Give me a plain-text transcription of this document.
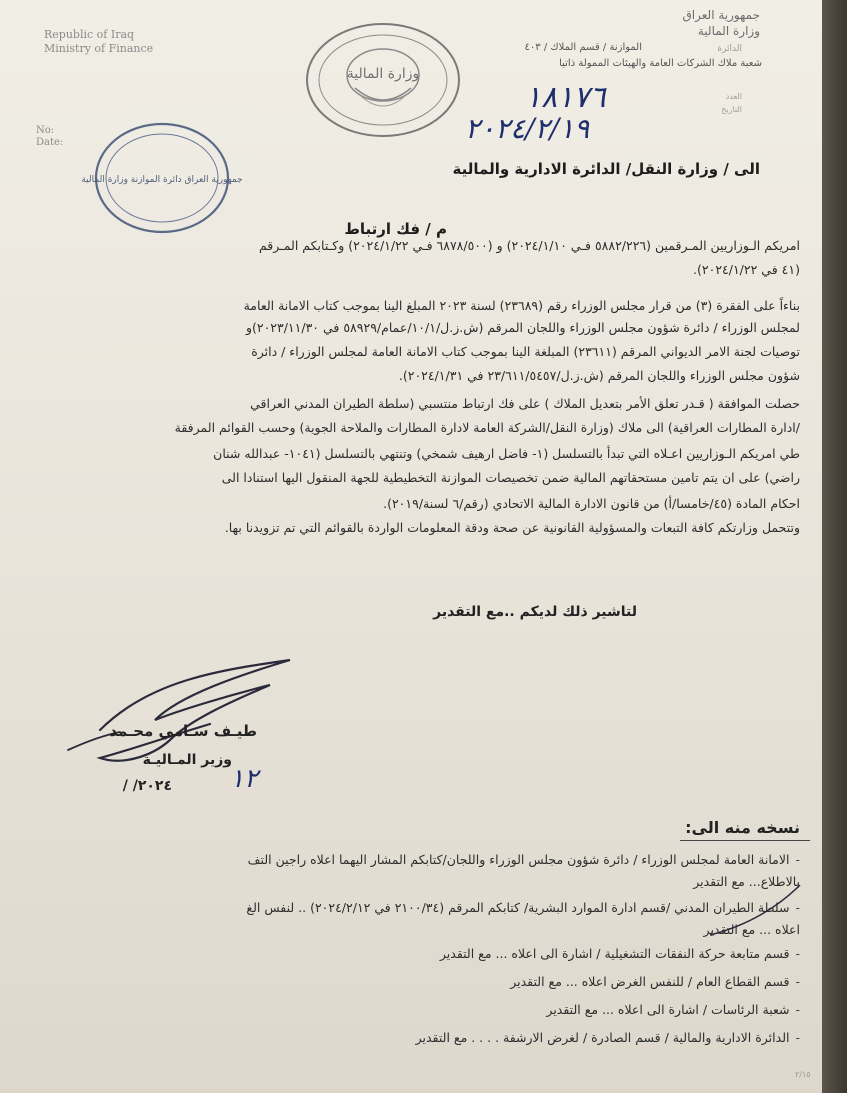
Republic of Iraq
Ministry of Finance
No:
Date:
جمهورية العراق
وزارة المالية
الدائرة
الموازنة / قسم الملاك / ٤٠٣
شعبة ملاك الشركات العامة والهيئات الممولة ذاتيا
العدد
التاريخ
١٨١٧٦
٢٠٢٤/٢/١٩
وزارة المالية
جمهورية العراق دائرة الموازنة وزارة المالية
الى / وزارة النقل/ الدائرة الادارية والمالية
م / فك ارتباط
امريكم الـوزاريين المـرقمين (٥٨٨٢/٢٢٦ فـي ٢٠٢٤/١/١٠) و (٦٨٧٨/٥٠٠ فـي ٢٠٢٤/١/٢٢) وكـتابكم المـرقم
(٤١ في ٢٠٢٤/١/٢٢).
بناءاً على الفقرة (٣) من قرار مجلس الوزراء رقم (٢٣٦٨٩) لسنة ٢٠٢٣ المبلغ الينا بموجب كتاب الامانة العامة
لمجلس الوزراء / دائرة شؤون مجلس الوزراء واللجان المرقم (ش.ز.ل/١٠/١/عمام/٥٨٩٢٩ في ٢٠٢٣/١١/٣٠)و
توصيات لجنة الامر الديواني المرقم (٢٣٦١١) المبلغة الينا بموجب كتاب الامانة العامة لمجلس الوزراء / دائرة
شؤون مجلس الوزراء واللجان المرقم (ش.ز.ل/٢٣/٦١١/٥٤٥٧ في ٢٠٢٤/١/٣١).
حصلت الموافقة ( قـدر تعلق الأمر بتعديل الملاك ) على فك ارتباط منتسبي (سلطة الطيران المدني العراقي
/ادارة المطارات العراقية) الى ملاك (وزارة النقل/الشركة العامة لادارة المطارات والملاحة الجوية) وحسب القوائم المرفقة
طي امريكم الـوزاريين اعـلاه التي تبدأ بالتسلسل (١- فاضل ارهيف شمخي) وتنتهي بالتسلسل (١٠٤١- عبدالله شنان
راضي) على ان يتم تامين مستحقاتهم المالية ضمن تخصيصات الموازنة التخطيطية للجهة المنقول اليها استنادا الى
احكام المادة (٤٥/خامسا/أ) من قانون الادارة المالية الاتحادي (رقم/٦ لسنة/٢٠١٩).
وتتحمل وزارتكم كافة التبعات والمسؤولية القانونية عن صحة ودقة المعلومات الواردة بالقوائم التي تم تزويدنا بها.
لتاشير ذلك لديكم ..مع التقدير
طيـف سـامي محـمد
وزير المـاليـة
٢٠٢٤/ / ١٢
نسخه منه الى:
-الامانة العامة لمجلس الوزراء / دائرة شؤون مجلس الوزراء واللجان/كتابكم المشار اليهما اعلاه راجين التف
بالاطلاع... مع التقدير
-سلطة الطيران المدني /قسم ادارة الموارد البشرية/ كتابكم المرقم (٢١٠٠/٣٤ في ٢٠٢٤/٢/١٢) .. لنفس الغ
اعلاه ... مع التقدير
-قسم متابعة حركة النفقات التشغيلية / اشارة الى اعلاه ... مع التقدير
-قسم القطاع العام / للنفس الغرض اعلاه ... مع التقدير
-شعبة الرئاسات / اشارة الى اعلاه ... مع التقدير
-الدائرة الادارية والمالية / قسم الصادرة / لغرض الارشفة . . . . مع التقدير
٢/١٥
